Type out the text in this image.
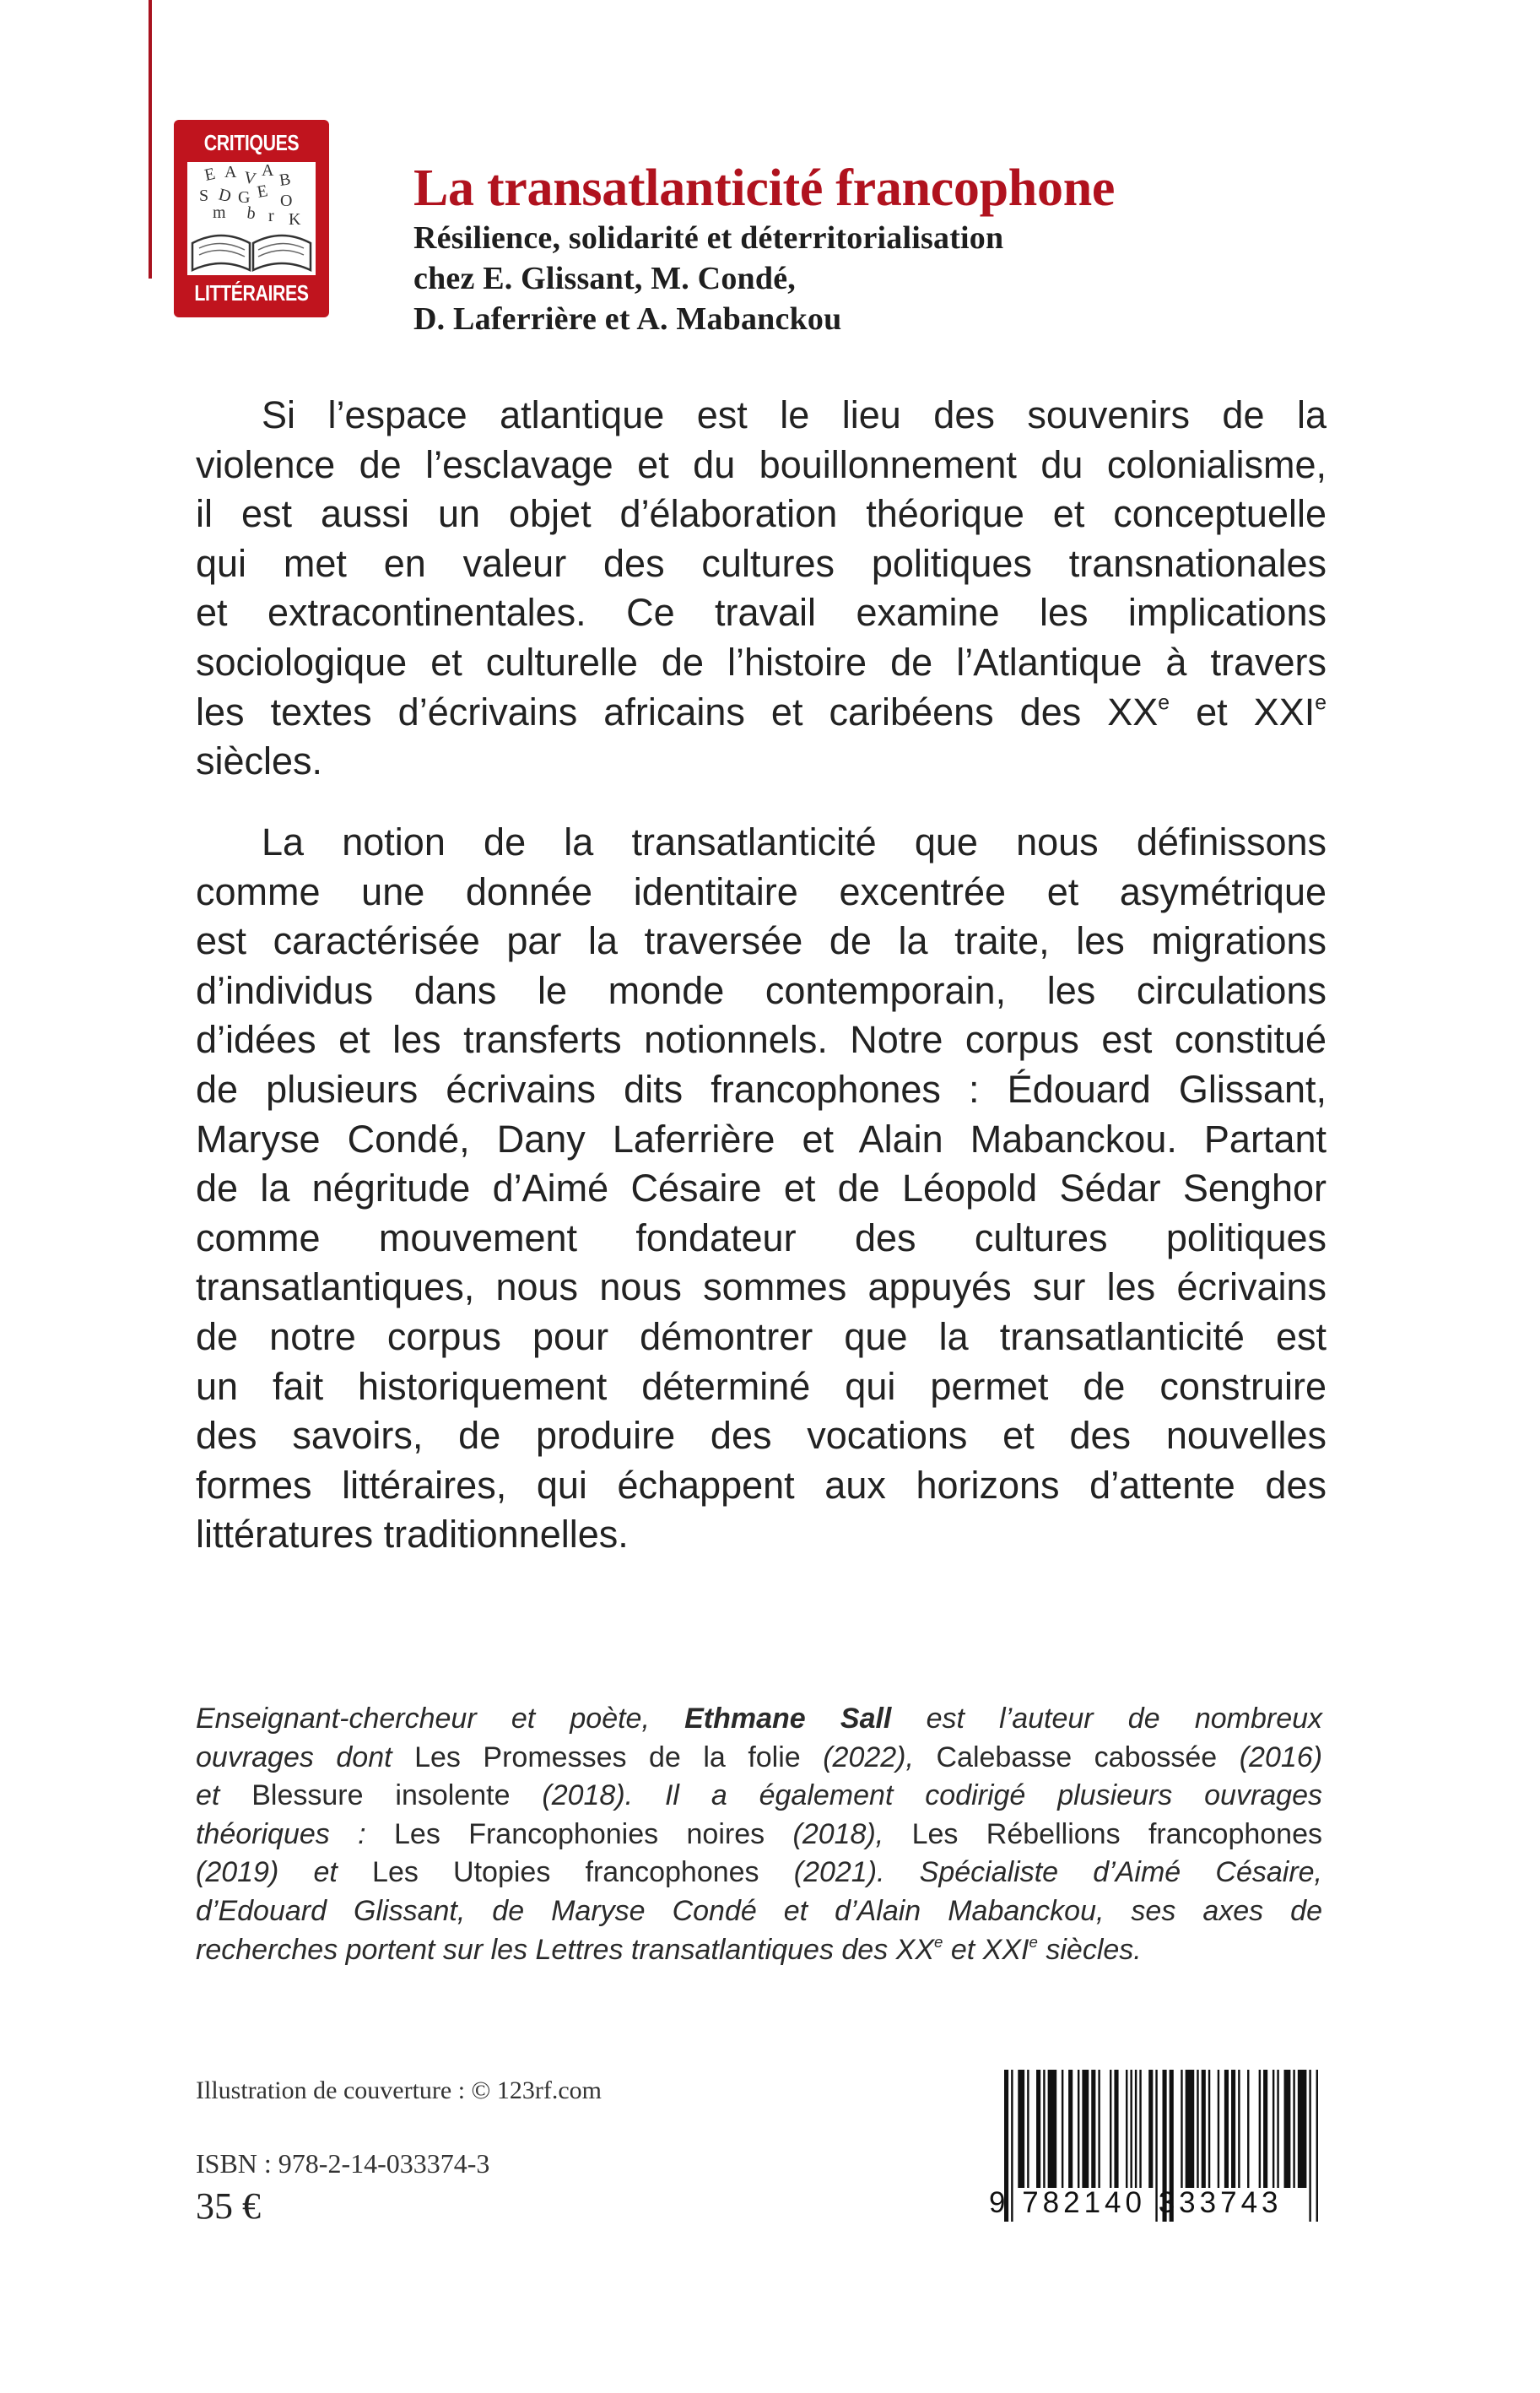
CRITIQUES
E A V A B
S D G E O
m b r K
LITTÉRAIRES
La transatlanticité francophone

Résilience, solidarité et déterritorialisation

chez E. Glissant, M. Condé,

D. Laferrière et A. Mabanckou

Si l’espace atlantique est le lieu des souvenirs de la
violence de l’esclavage et du bouillonnement du colonialisme,
il est aussi un objet d’élaboration théorique et conceptuelle
qui met en valeur des cultures politiques transnationales
et extracontinentales. Ce travail examine les implications
sociologique et culturelle de l’histoire de l’Atlantique à travers
les textes d’écrivains africains et caribéens des XXe et XXIe
siècles.
La notion de la transatlanticité que nous définissons
comme une donnée identitaire excentrée et asymétrique
est caractérisée par la traversée de la traite, les migrations
d’individus dans le monde contemporain, les circulations
d’idées et les transferts notionnels. Notre corpus est constitué
de plusieurs écrivains dits francophones : Édouard Glissant,
Maryse Condé, Dany Laferrière et Alain Mabanckou. Partant
de la négritude d’Aimé Césaire et de Léopold Sédar Senghor
comme mouvement fondateur des cultures politiques
transatlantiques, nous nous sommes appuyés sur les écrivains
de notre corpus pour démontrer que la transatlanticité est
un fait historiquement déterminé qui permet de construire
des savoirs, de produire des vocations et des nouvelles
formes littéraires, qui échappent aux horizons d’attente des
littératures traditionnelles.
Enseignant-chercheur et poète, Ethmane Sall est l’auteur de nombreux
ouvrages dont Les Promesses de la folie (2022), Calebasse cabossée (2016)
et Blessure insolente (2018). Il a également codirigé plusieurs ouvrages
théoriques : Les Francophonies noires (2018), Les Rébellions francophones
(2019) et Les Utopies francophones (2021). Spécialiste d’Aimé Césaire,
d’Edouard Glissant, de Maryse Condé et d’Alain Mabanckou, ses axes de
recherches portent sur les Lettres transatlantiques des XXe et XXIe siècles.

Illustration de couverture : © 123rf.com

ISBN : 978-2-14-033374-3

35 €	9 782140 333743
